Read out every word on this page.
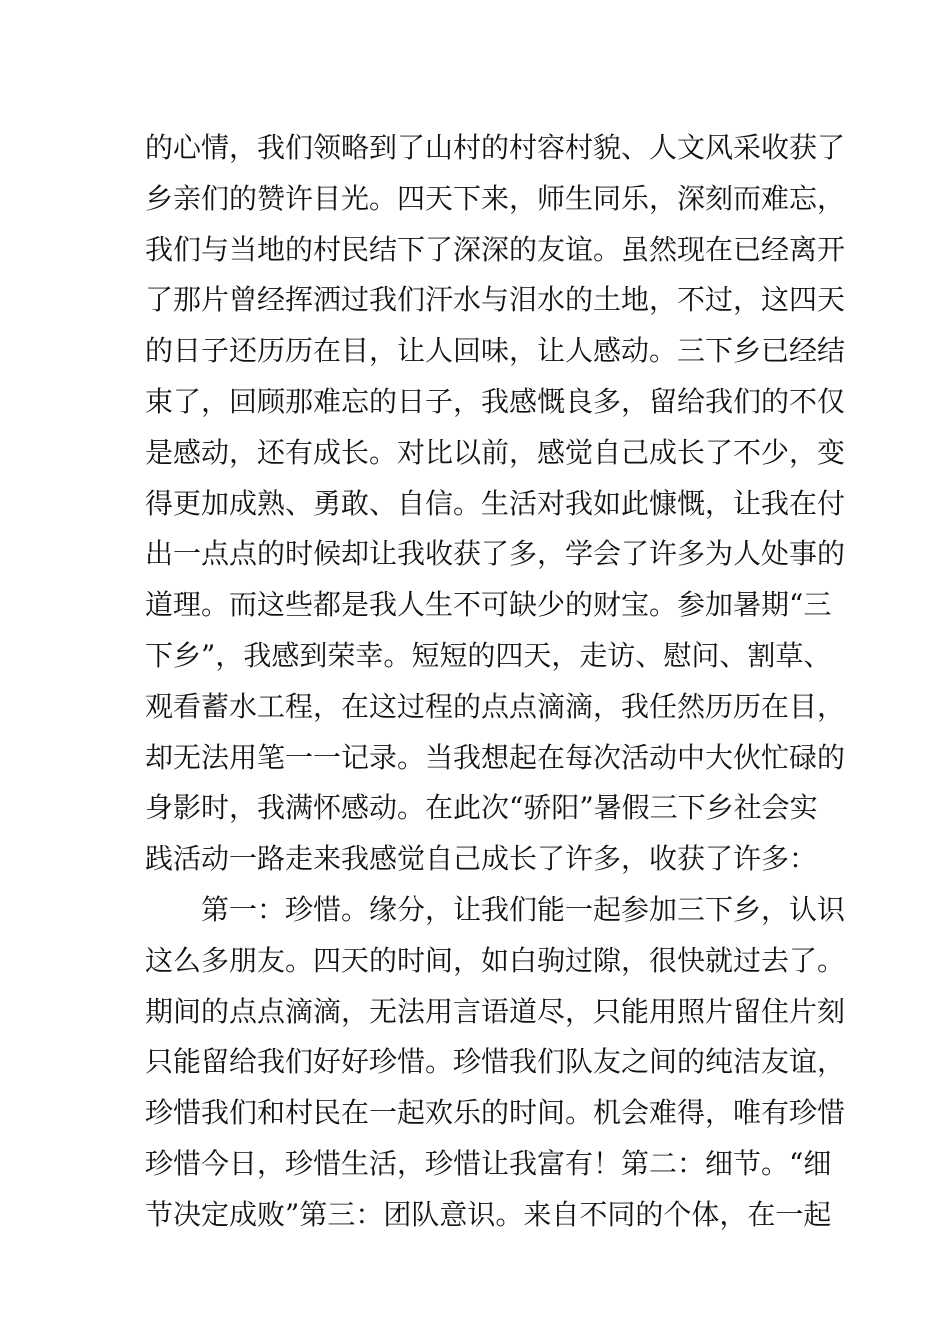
的心情，我们领略到了山村的村容村貌、人文风采收获了
乡亲们的赞许目光。四天下来，师生同乐，深刻而难忘，
我们与当地的村民结下了深深的友谊。虽然现在已经离开
了那片曾经挥洒过我们汗水与泪水的土地，不过，这四天
的日子还历历在目，让人回味，让人感动。三下乡已经结
束了，回顾那难忘的日子，我感慨良多，留给我们的不仅
是感动，还有成长。对比以前，感觉自己成长了不少，变
得更加成熟、勇敢、自信。生活对我如此慷慨，让我在付
出一点点的时候却让我收获了多，学会了许多为人处事的
道理。而这些都是我人生不可缺少的财宝。参加暑期“三
下乡”，我感到荣幸。短短的四天，走访、慰问、割草、
观看蓄水工程，在这过程的点点滴滴，我任然历历在目，
却无法用笔一一记录。当我想起在每次活动中大伙忙碌的
身影时，我满怀感动。在此次“骄阳”暑假三下乡社会实
践活动一路走来我感觉自己成长了许多，收获了许多：
第一：珍惜。缘分，让我们能一起参加三下乡，认识
这么多朋友。四天的时间，如白驹过隙，很快就过去了。
期间的点点滴滴，无法用言语道尽，只能用照片留住片刻
只能留给我们好好珍惜。珍惜我们队友之间的纯洁友谊，
珍惜我们和村民在一起欢乐的时间。机会难得，唯有珍惜
珍惜今日，珍惜生活，珍惜让我富有！第二：细节。“细
节决定成败”第三：团队意识。来自不同的个体，在一起
